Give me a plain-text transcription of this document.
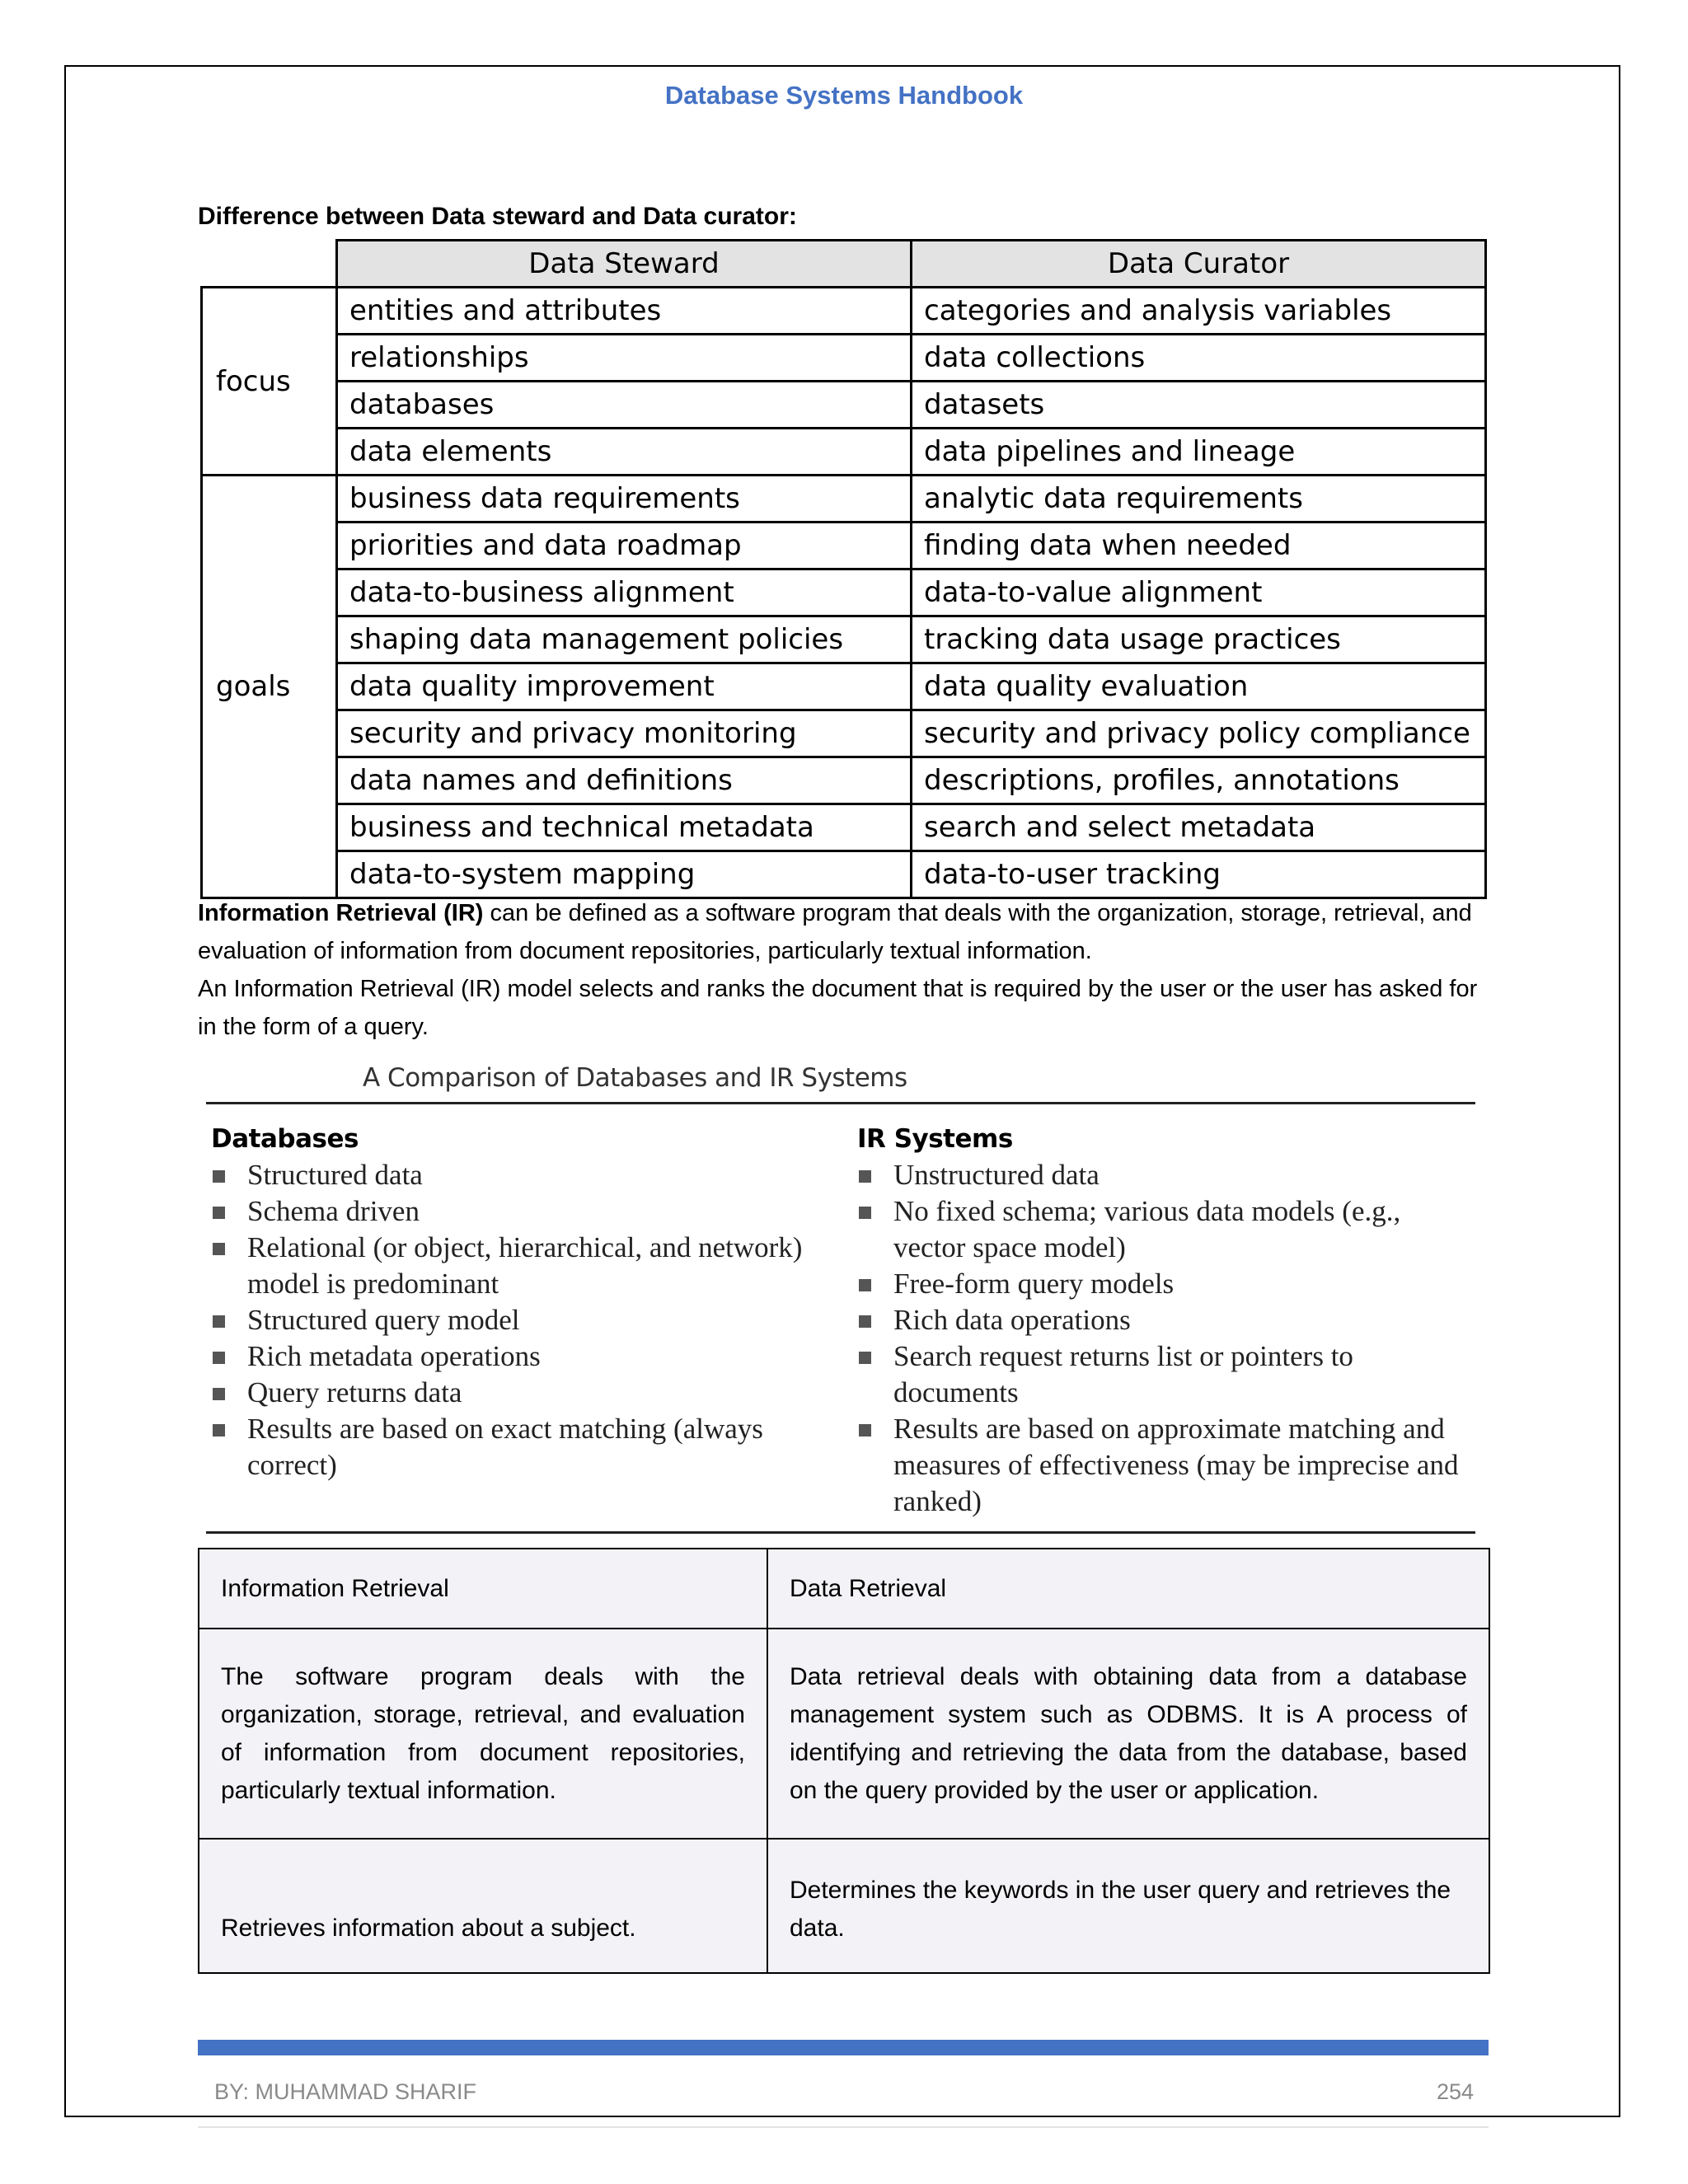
Database Systems Handbook
Difference between Data steward and Data curator:
	Data Steward	Data Curator
focus	entities and attributes	categories and analysis variables
	relationships	data collections
	databases	datasets
	data elements	data pipelines and lineage
goals	business data requirements	analytic data requirements
	priorities and data roadmap	finding data when needed
	data-to-business alignment	data-to-value alignment
	shaping data management policies	tracking data usage practices
	data quality improvement	data quality evaluation
	security and privacy monitoring	security and privacy policy compliance
	data names and definitions	descriptions, profiles, annotations
	business and technical metadata	search and select metadata
	data-to-system mapping	data-to-user tracking
Information Retrieval (IR) can be defined as a software program that deals with the organization, storage, retrieval, and evaluation of information from document repositories, particularly textual information.
An Information Retrieval (IR) model selects and ranks the document that is required by the user or the user has asked for in the form of a query.
A Comparison of Databases and IR Systems
Databases
Structured data
Schema driven
Relational (or object, hierarchical, and network) model is predominant
Structured query model
Rich metadata operations
Query returns data
Results are based on exact matching (always correct)
IR Systems
Unstructured data
No fixed schema; various data models (e.g., vector space model)
Free-form query models
Rich data operations
Search request returns list or pointers to documents
Results are based on approximate matching and measures of effectiveness (may be imprecise and ranked)
Information Retrieval	Data Retrieval
The software program deals with the organization, storage, retrieval, and evaluation of information from document repositories, particularly textual information.	Data retrieval deals with obtaining data from a database management system such as ODBMS. It is A process of identifying and retrieving the data from the database, based on the query provided by the user or application.
Retrieves information about a subject.	Determines the keywords in the user query and retrieves the data.
BY: MUHAMMAD SHARIF	254
